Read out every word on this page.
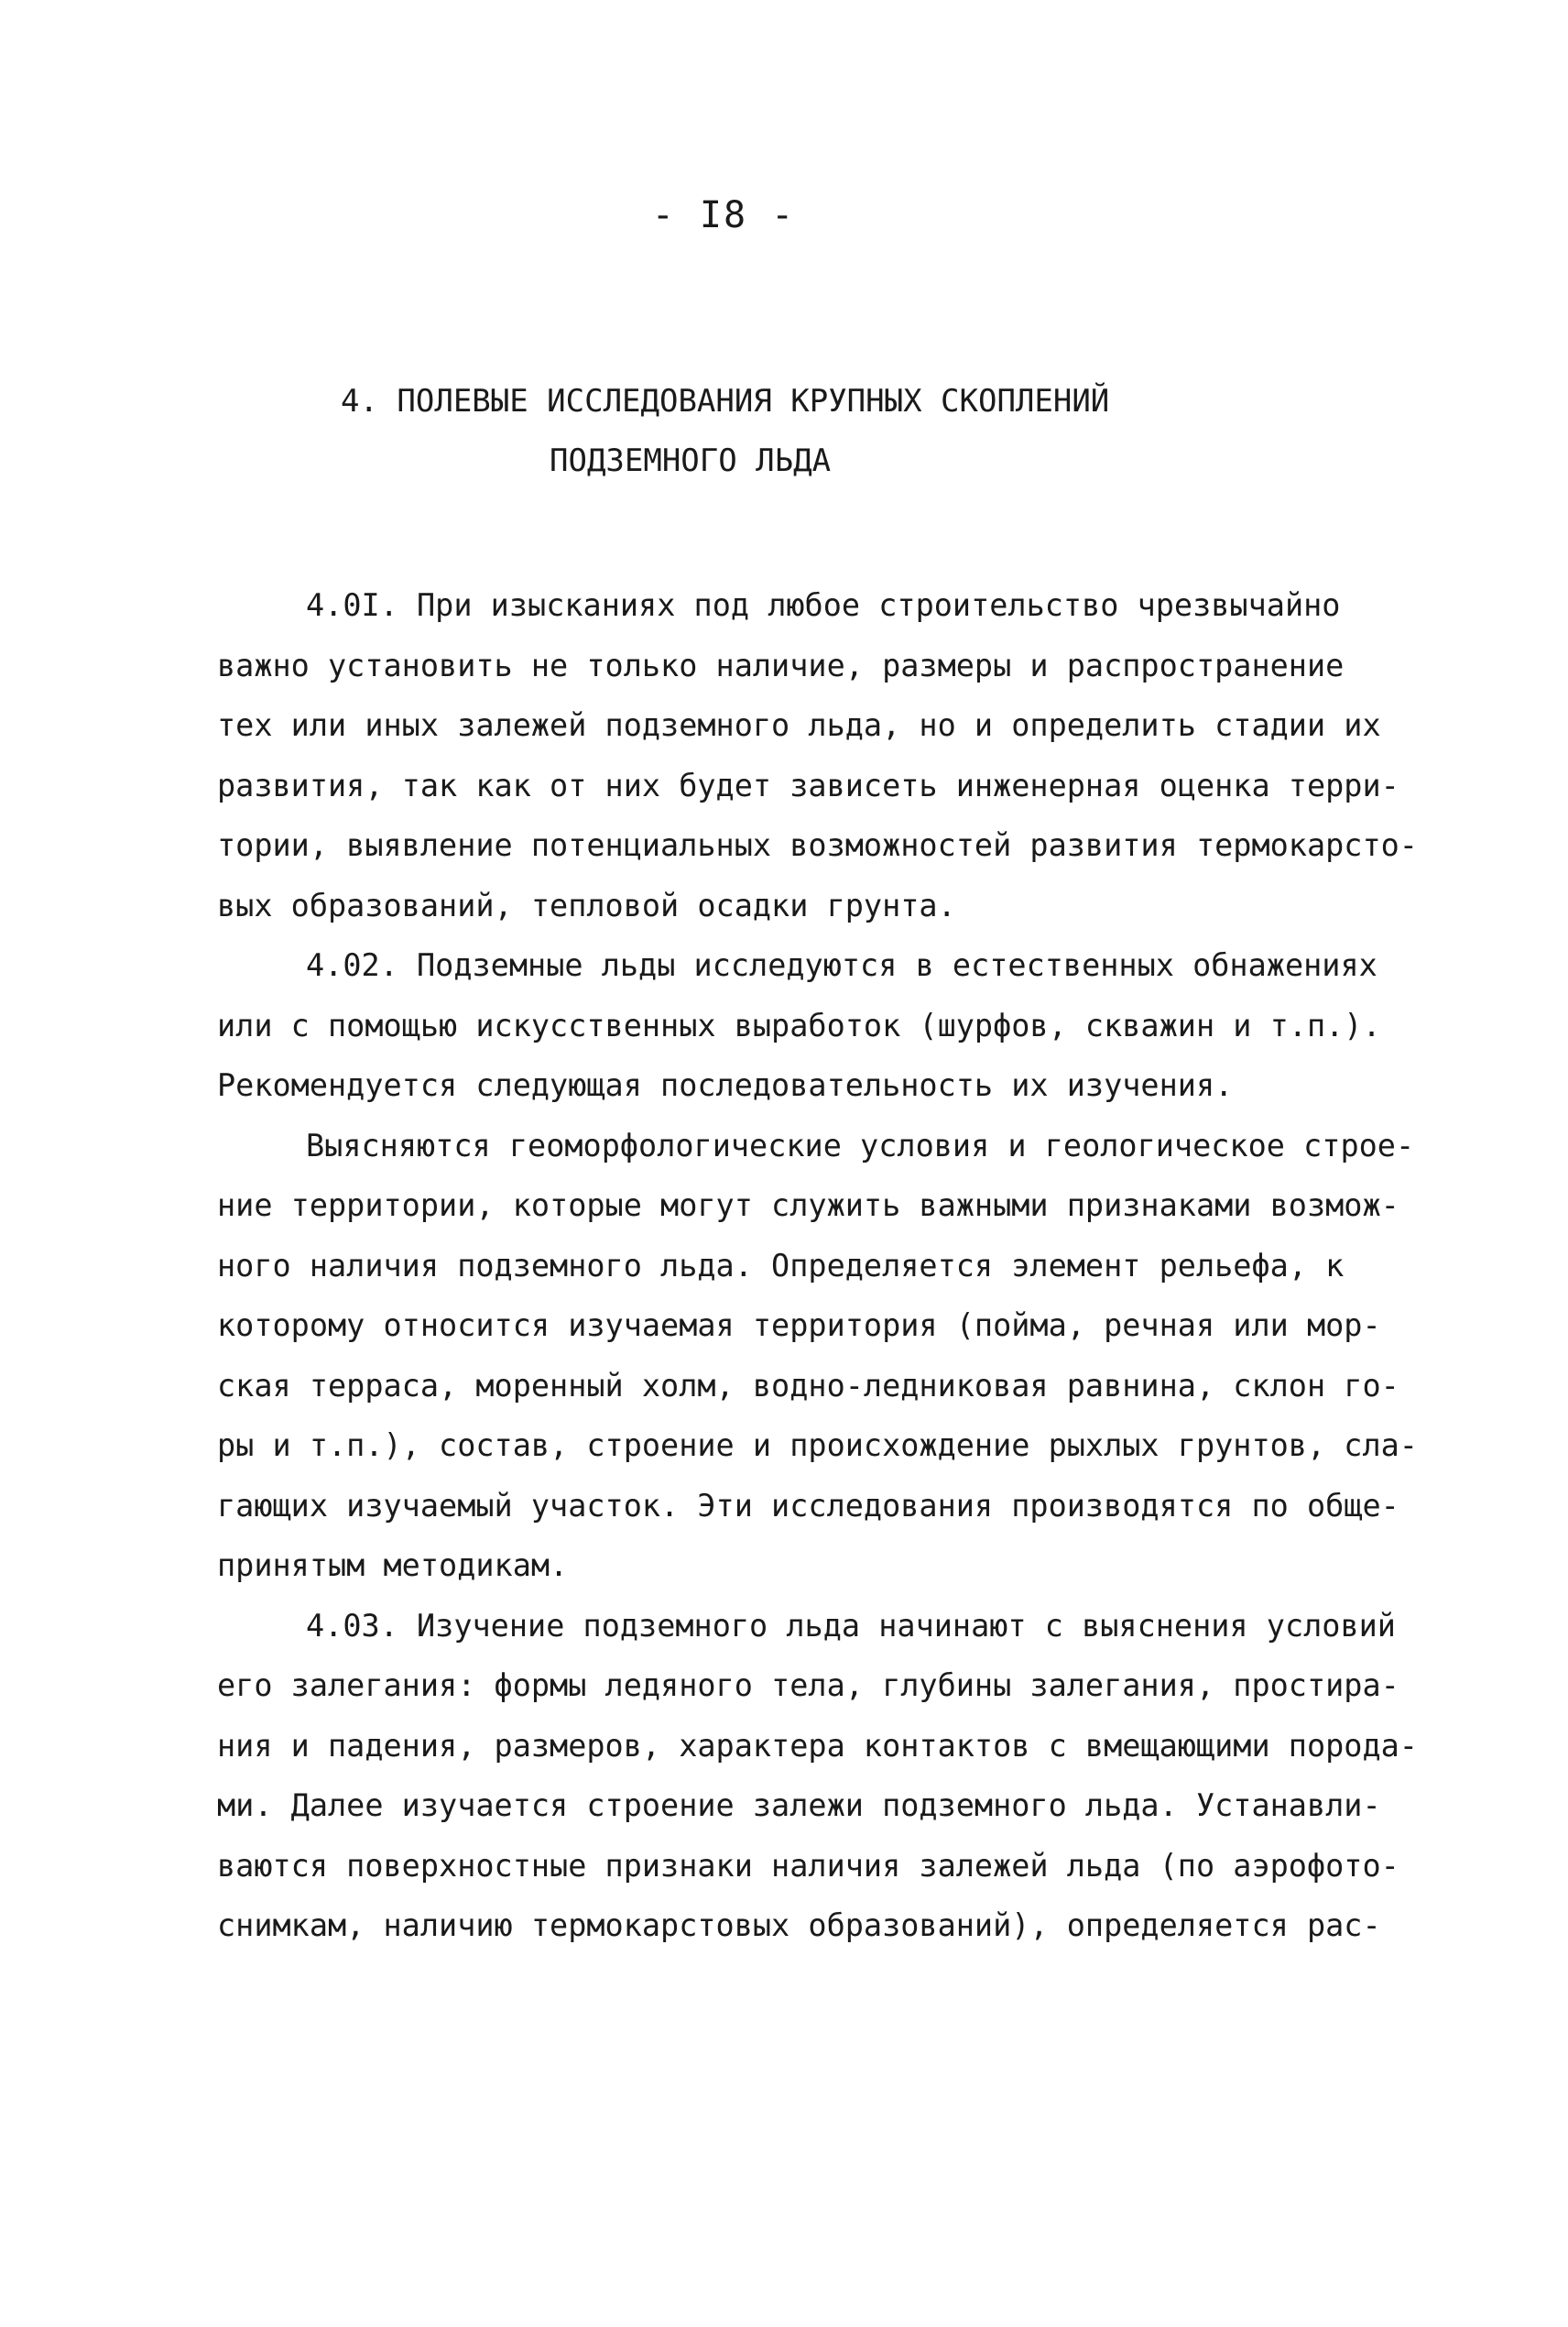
- I8 -
4. ПОЛЕВЫЕ ИССЛЕДОВАНИЯ КРУПНЫХ СКОПЛЕНИЙ
ПОДЗЕМНОГО ЛЬДА
4.0I. При изысканиях под любое строительство чрезвычайно
важно установить не только наличие, размеры и распространение
тех или иных залежей подземного льда, но и определить стадии их
развития, так как от них будет зависеть инженерная оценка терри-
тории, выявление потенциальных возможностей развития термокарсто-
вых образований, тепловой осадки грунта.
4.02. Подземные льды исследуются в естественных обнажениях
или с помощью искусственных выработок (шурфов, скважин и т.п.).
Рекомендуется следующая последовательность их изучения.
Выясняются геоморфологические условия и геологическое строе-
ние территории, которые могут служить важными признаками возмож-
ного наличия подземного льда. Определяется элемент рельефа, к
которому относится изучаемая территория (пойма, речная или мор-
ская терраса, моренный холм, водно-ледниковая равнина, склон го-
ры и т.п.), состав, строение и происхождение рыхлых грунтов, сла-
гающих изучаемый участок. Эти исследования производятся по обще-
принятым методикам.
4.03. Изучение подземного льда начинают с выяснения условий
его залегания: формы ледяного тела, глубины залегания, простира-
ния и падения, размеров, характера контактов с вмещающими порода-
ми. Далее изучается строение залежи подземного льда. Устанавли-
ваются поверхностные признаки наличия залежей льда (по аэрофото-
снимкам, наличию термокарстовых образований), определяется рас-
